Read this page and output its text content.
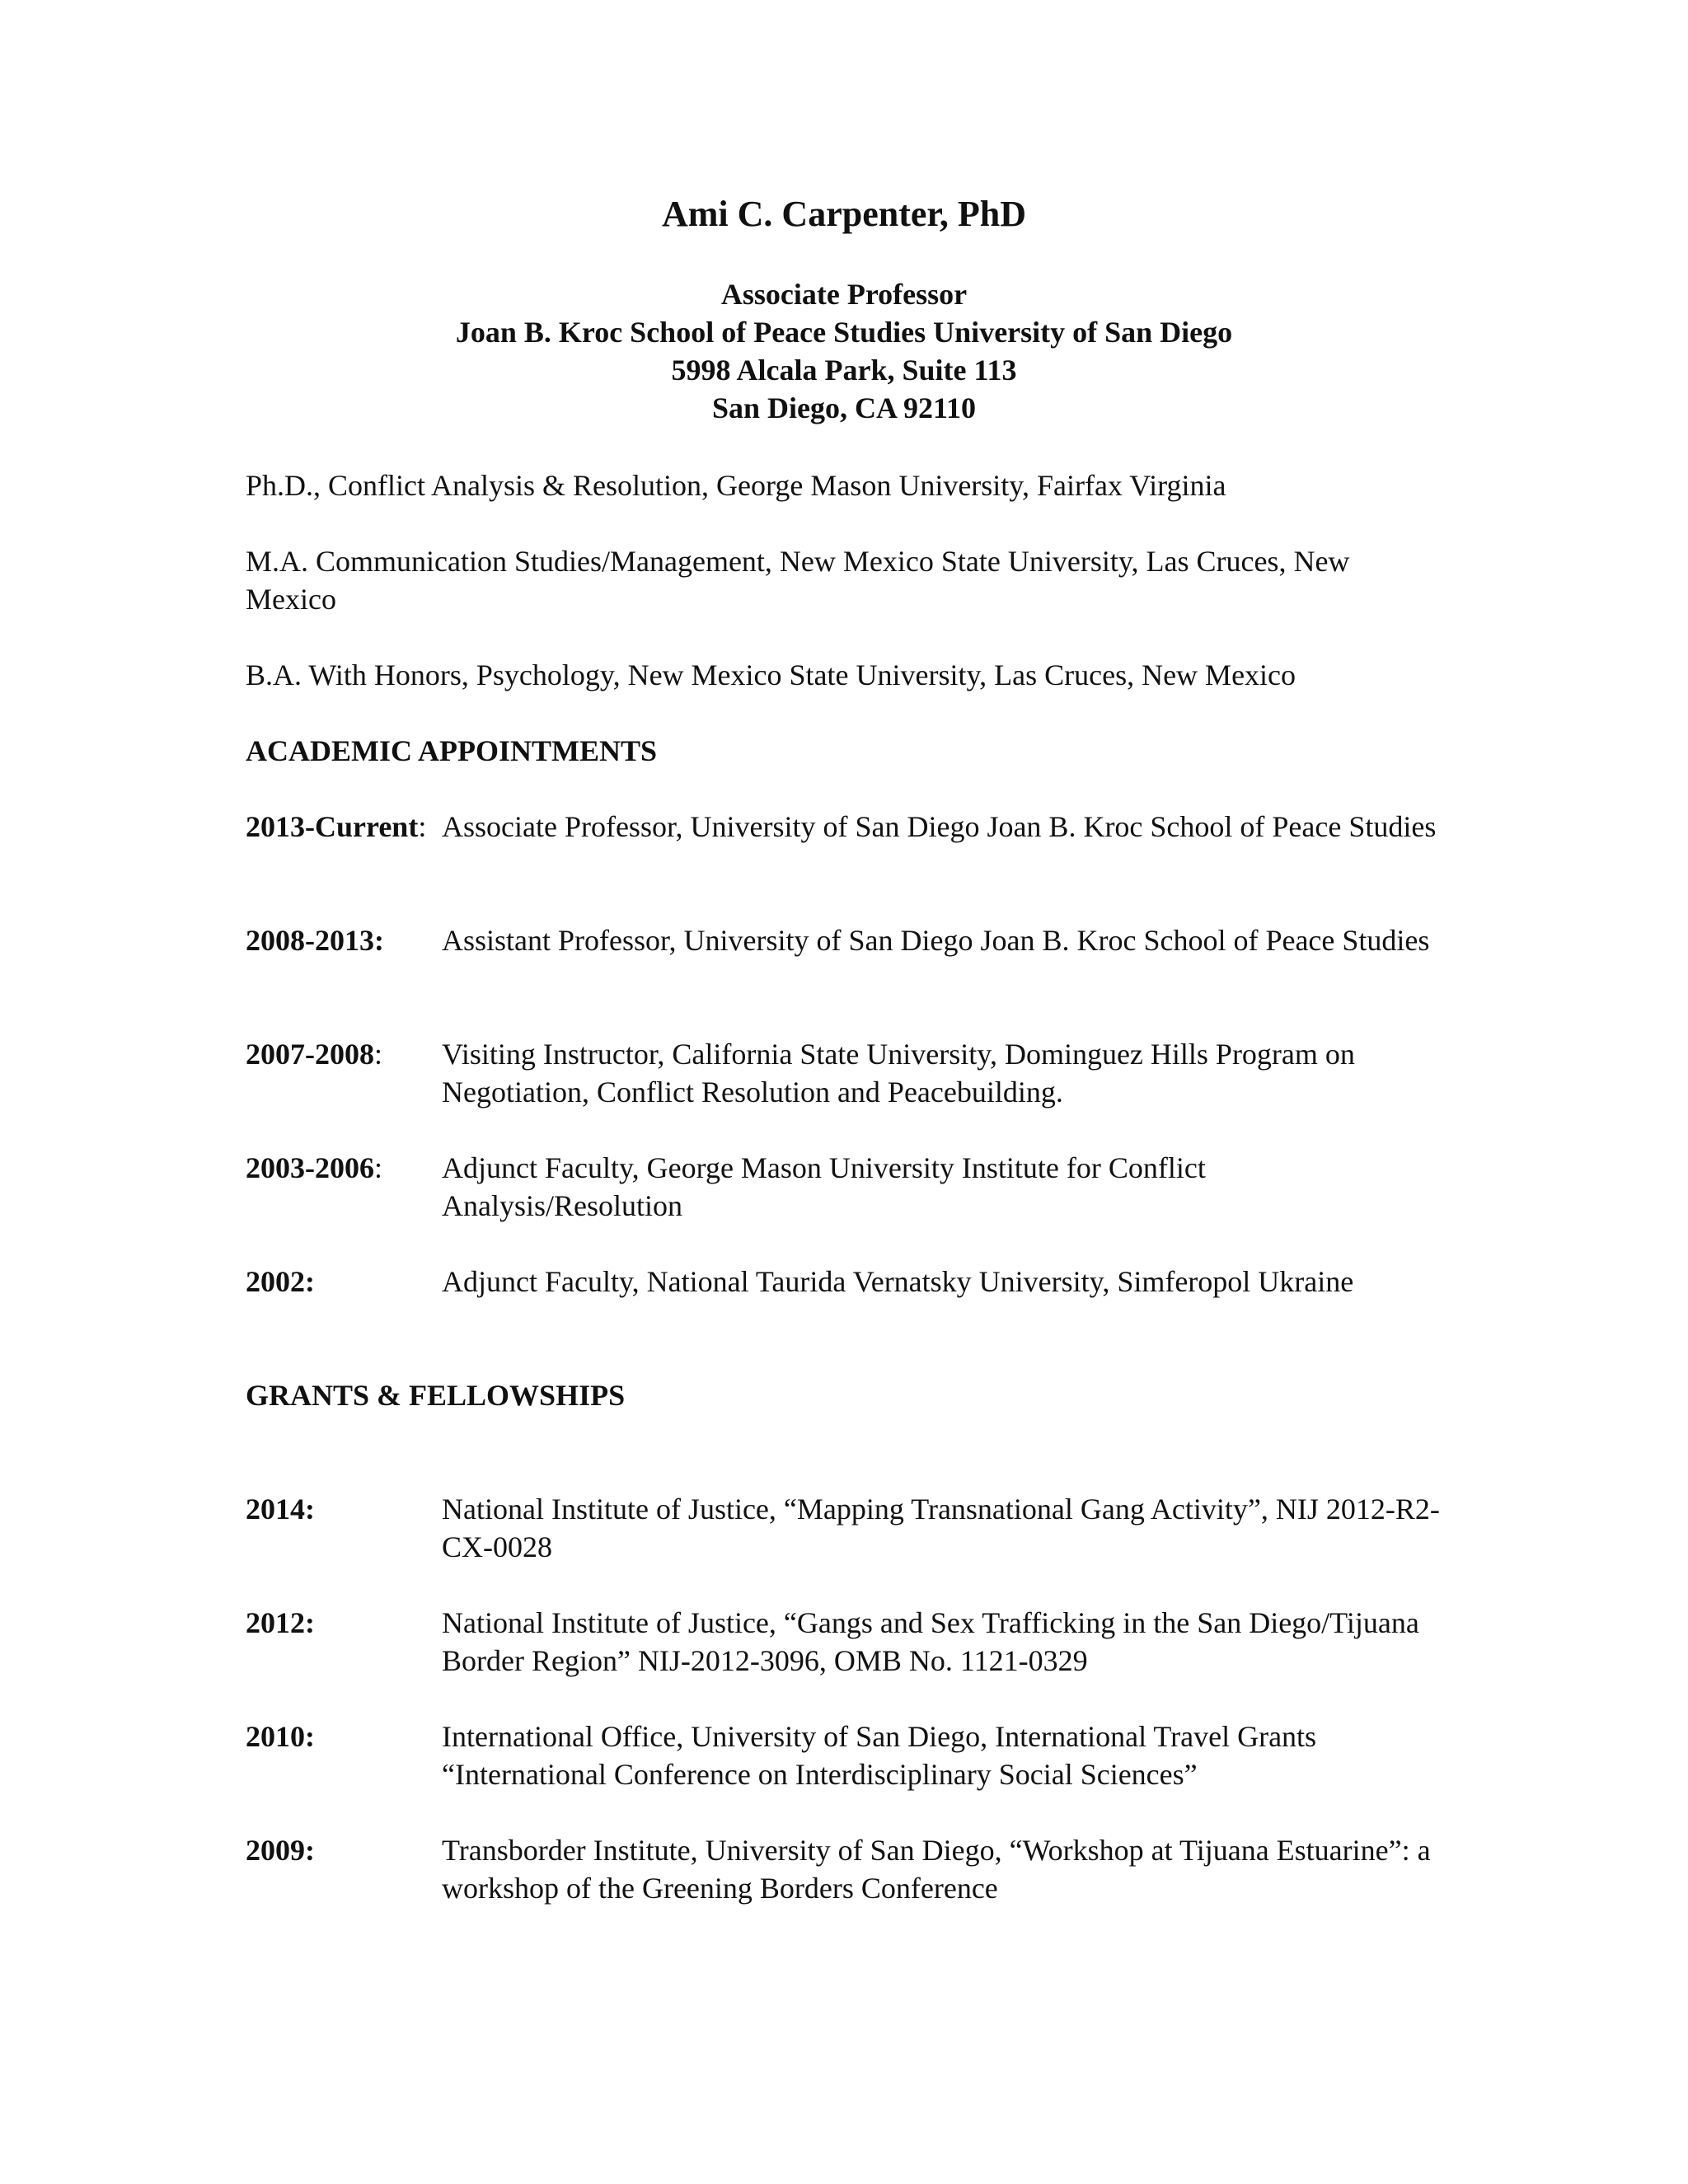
Ami C. Carpenter, PhD
Associate Professor
Joan B. Kroc School of Peace Studies University of San Diego
5998 Alcala Park, Suite 113
San Diego, CA 92110
Ph.D., Conflict Analysis & Resolution, George Mason University, Fairfax Virginia
M.A. Communication Studies/Management, New Mexico State University, Las Cruces, New Mexico
B.A. With Honors, Psychology, New Mexico State University, Las Cruces, New Mexico
ACADEMIC APPOINTMENTS
2013-Current: Associate Professor, University of San Diego Joan B. Kroc School of Peace Studies
2008-2013: Assistant Professor, University of San Diego Joan B. Kroc School of Peace Studies
2007-2008: Visiting Instructor, California State University, Dominguez Hills Program on Negotiation, Conflict Resolution and Peacebuilding.
2003-2006: Adjunct Faculty, George Mason University Institute for Conflict Analysis/Resolution
2002:	Adjunct Faculty, National Taurida Vernatsky University, Simferopol Ukraine
GRANTS & FELLOWSHIPS
2014:	National Institute of Justice, “Mapping Transnational Gang Activity”, NIJ 2012-R2-CX-0028
2012:	National Institute of Justice, “Gangs and Sex Trafficking in the San Diego/Tijuana Border Region” NIJ-2012-3096, OMB No. 1121-0329
2010:	International Office, University of San Diego, International Travel Grants “International Conference on Interdisciplinary Social Sciences”
2009:	Transborder Institute, University of San Diego, “Workshop at Tijuana Estuarine”: a workshop of the Greening Borders Conference
